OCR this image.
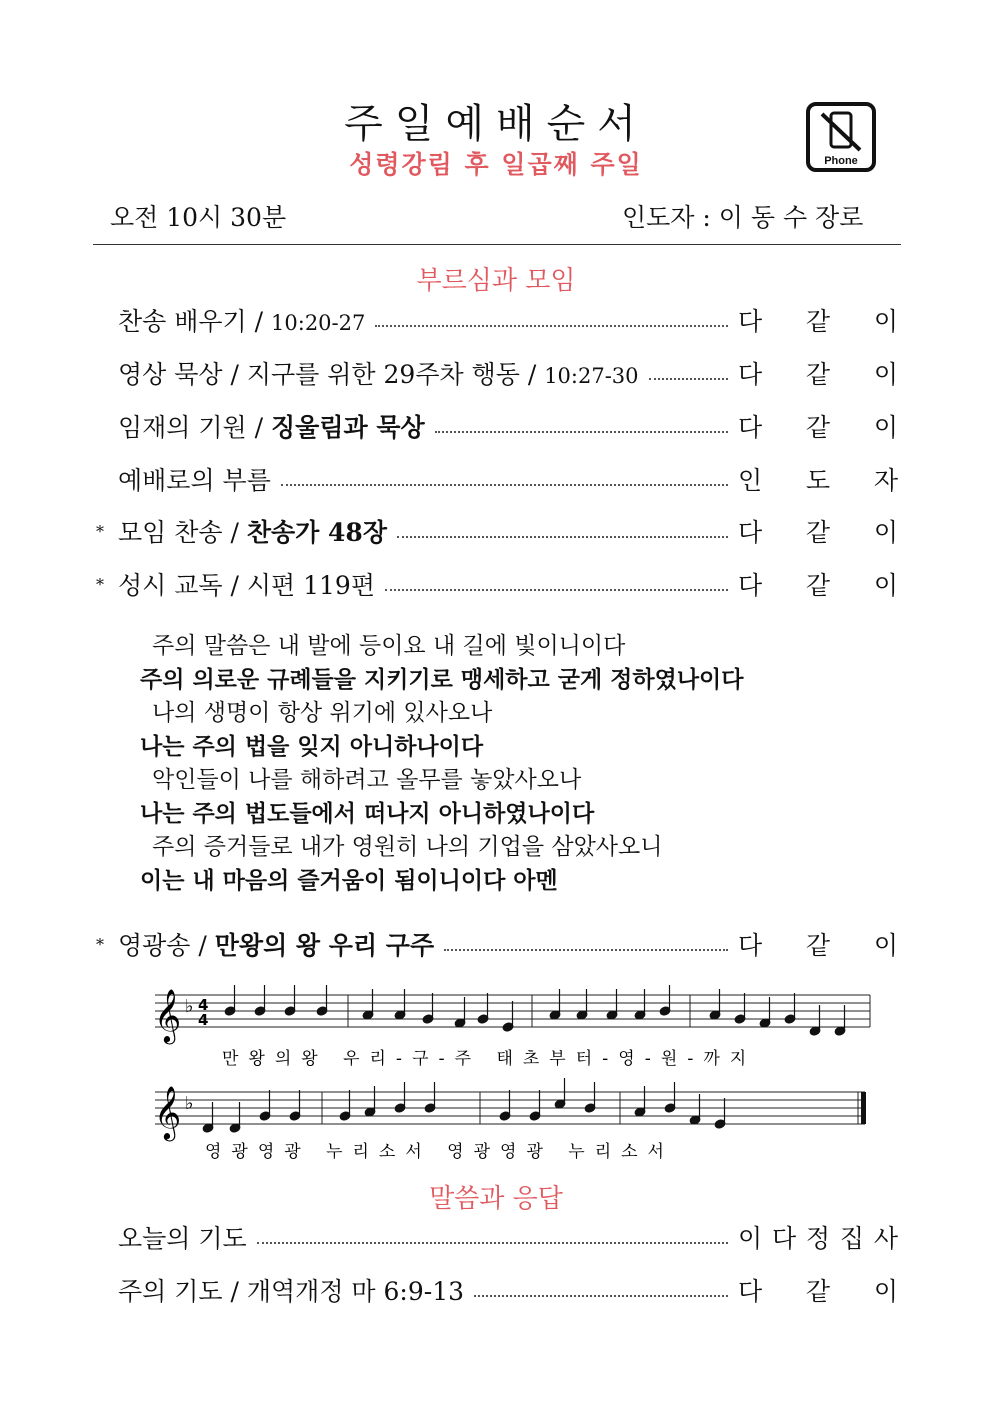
주일예배순서
성령강림 후 일곱째 주일	Phone
오전 10시 30분	인도자 : 이 동 수 장로
부르심과 모임
찬송 배우기 / 10:20-27	다 같 이
영상 묵상 / 지구를 위한 29주차 행동 / 10:27-30	다 같 이
임재의 기원 / 징울림과 묵상	다 같 이
예배로의 부름	인 도 자
* 모임 찬송 / 찬송가 48장	다 같 이
* 성시 교독 / 시편 119편	다 같 이
주의 말씀은 내 발에 등이요 내 길에 빛이니이다
주의 의로운 규례들을 지키기로 맹세하고 굳게 정하였나이다
나의 생명이 항상 위기에 있사오나
나는 주의 법을 잊지 아니하나이다
악인들이 나를 해하려고 올무를 놓았사오나
나는 주의 법도들에서 떠나지 아니하였나이다
주의 증거들로 내가 영원히 나의 기업을 삼았사오니
이는 내 마음의 즐거움이 됨이니이다 아멘
* 영광송 / 만왕의 왕 우리 구주	다 같 이
𝄞
𝄞
♭
♭
4
4
만왕의왕 우리-구-주 태초부터-영-원-까지
영광영광 누리소서 영광영광 누리소서
말씀과 응답
오늘의 기도	이 다 정 집 사
주의 기도 / 개역개정 마 6:9-13	다 같 이
